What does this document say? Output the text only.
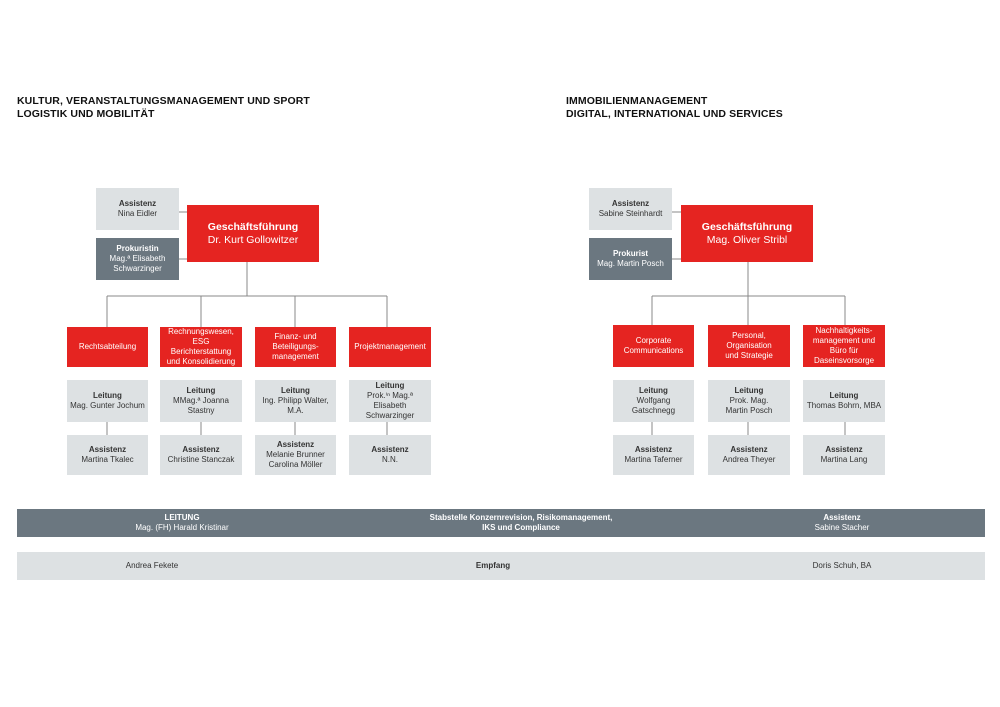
KULTUR, VERANSTALTUNGSMANAGEMENT UND SPORT
LOGISTIK UND MOBILITÄT
IMMOBILIENMANAGEMENT
DIGITAL, INTERNATIONAL UND SERVICES
Assistenz
Nina Eidler
Prokuristin
Mag.ª Elisabeth
Schwarzinger
Geschäftsführung
Dr. Kurt Gollowitzer
Rechtsabteilung
Rechnungswesen,
ESG Berichterstattung
und Konsolidierung
Finanz- und
Beteiligungs-
management
Projektmanagement
Leitung
Mag. Gunter Jochum
Leitung
MMag.ª Joanna
Stastny
Leitung
Ing. Philipp Walter,
M.A.
Leitung
Prok.ⁱⁿ Mag.ª
Elisabeth
Schwarzinger
Assistenz
Martina Tkalec
Assistenz
Christine Stanczak
Assistenz
Melanie Brunner
Carolina Möller
Assistenz
N.N.
Assistenz
Sabine Steinhardt
Prokurist
Mag. Martin Posch
Geschäftsführung
Mag. Oliver Stribl
Corporate
Communications
Personal,
Organisation
und Strategie
Nachhaltigkeits-
management und
Büro für
Daseinsvorsorge
Leitung
Wolfgang
Gatschnegg
Leitung
Prok. Mag.
Martin Posch
Leitung
Thomas Bohrn, MBA
Assistenz
Martina Taferner
Assistenz
Andrea Theyer
Assistenz
Martina Lang
LEITUNG
Mag. (FH) Harald Kristinar
Stabstelle Konzernrevision, Risikomanagement,
IKS und Compliance
Assistenz
Sabine Stacher
Andrea Fekete	Empfang	Doris Schuh, BA
